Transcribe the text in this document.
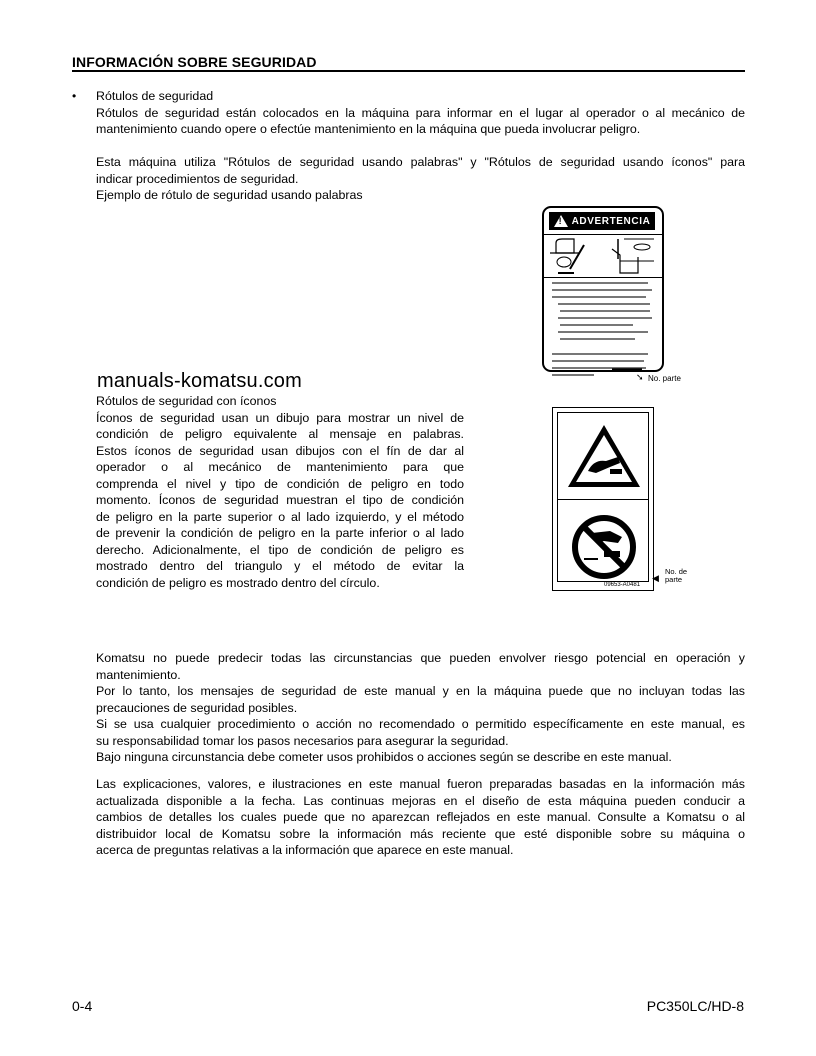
INFORMACIÓN SOBRE SEGURIDAD
• Rótulos de seguridad
Rótulos de seguridad están colocados en la máquina para informar en el lugar al operador o al mecánico de
mantenimiento cuando opere o efectúe mantenimiento en la máquina que pueda involucrar peligro.
Esta máquina utiliza "Rótulos de seguridad usando palabras" y "Rótulos de seguridad usando íconos" para
indicar procedimientos de seguridad.
Ejemplo de rótulo de seguridad usando palabras
!
ADVERTENCIA
▬▬▬▬▬
➘ No. parte
manuals-komatsu.com
Rótulos de seguridad con íconos
Íconos de seguridad usan un dibujo para mostrar un nivel de
condición de peligro equivalente al mensaje en palabras.
Estos íconos de seguridad usan dibujos con el fín de dar al
operador o al mecánico de mantenimiento para que
comprenda el nivel y tipo de condición de peligro en todo
momento. Íconos de seguridad muestran el tipo de condición
de peligro en la parte superior o al lado izquierdo, y el método
de prevenir la condición de peligro en la parte inferior o al lado
derecho. Adicionalmente, el tipo de condición de peligro es
mostrado dentro del triangulo y el método de evitar la
condición de peligro es mostrado dentro del círculo.	09653-A0481
◀
No. de
parte
Komatsu no puede predecir todas las circunstancias que pueden envolver riesgo potencial en operación y
mantenimiento.
Por lo tanto, los mensajes de seguridad de este manual y en la máquina puede que no incluyan todas las
precauciones de seguridad posibles.
Si se usa cualquier procedimiento o acción no recomendado o permitido específicamente en este manual, es
su responsabilidad tomar los pasos necesarios para asegurar la seguridad.
Bajo ninguna circunstancia debe cometer usos prohibidos o acciones según se describe en este manual.
Las explicaciones, valores, e ilustraciones en este manual fueron preparadas basadas en la información más
actualizada disponible a la fecha. Las continuas mejoras en el diseño de esta máquina pueden conducir a
cambios de detalles los cuales puede que no aparezcan reflejados en este manual. Consulte a Komatsu o al
distribuidor local de Komatsu sobre la información más reciente que esté disponible sobre su máquina o
acerca de preguntas relativas a la información que aparece en este manual.
0-4	PC350LC/HD-8
